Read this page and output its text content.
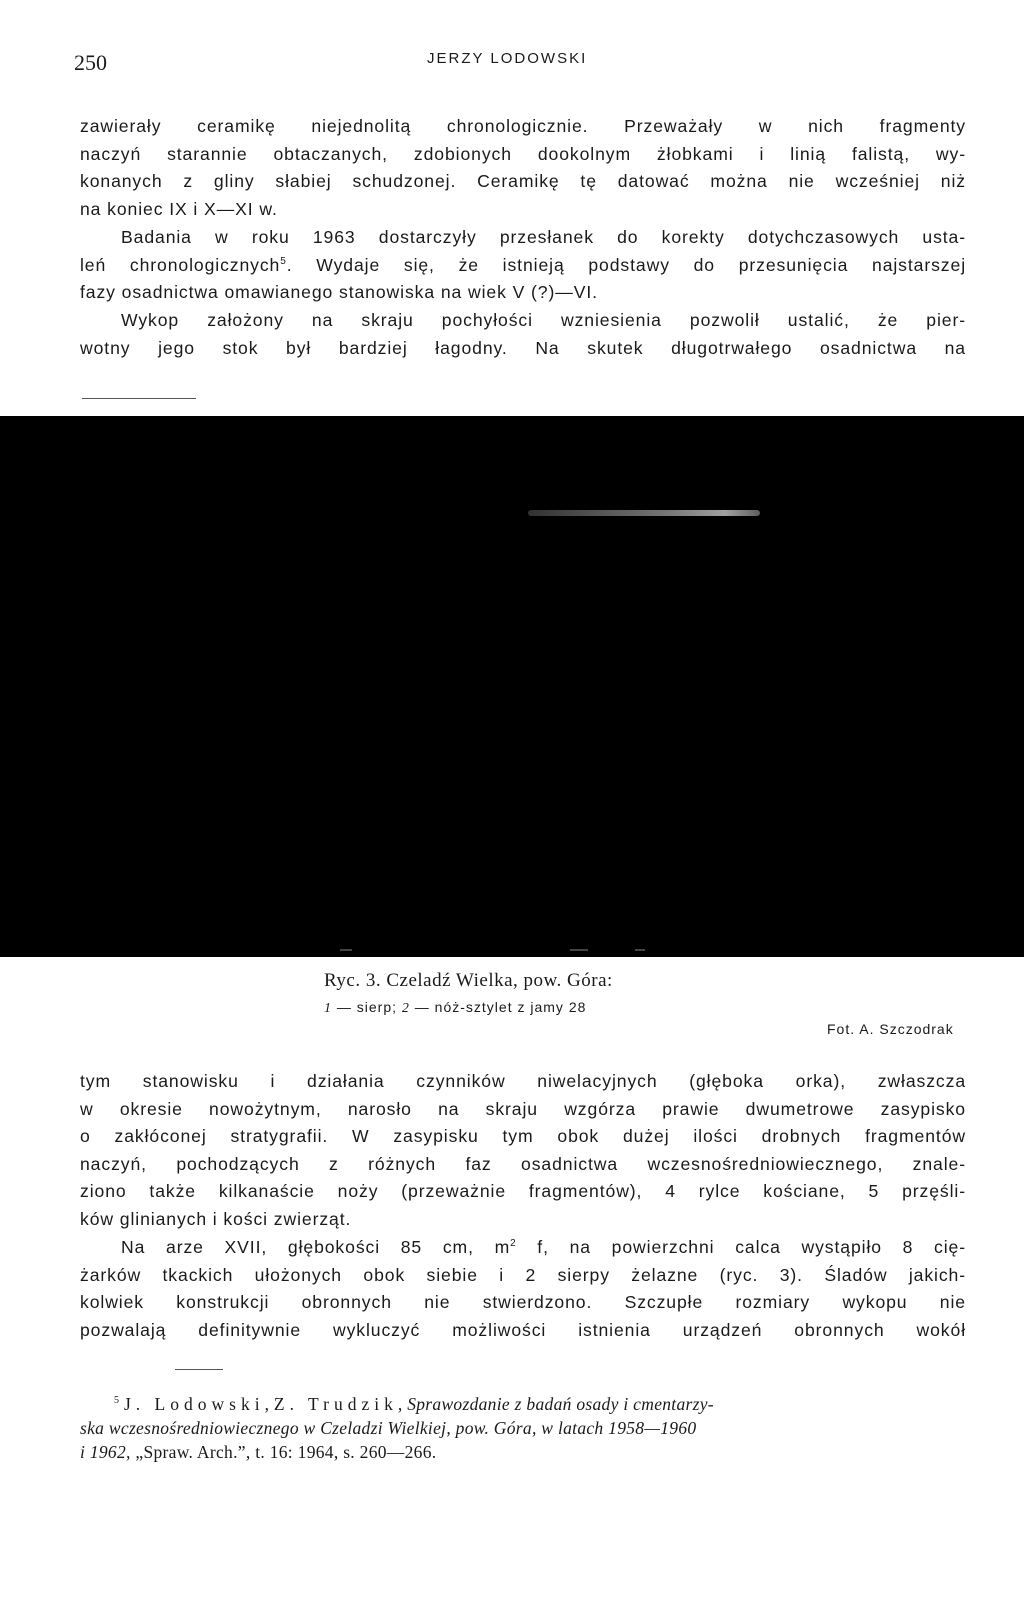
250	JERZY LODOWSKI
zawierały ceramikę niejednolitą chronologicznie. Przeważały w nich fragmenty
naczyń starannie obtaczanych, zdobionych dookolnym żłobkami i linią falistą, wy-
konanych z gliny słabiej schudzonej. Ceramikę tę datować można nie wcześniej niż
na koniec IX i X—XI w.
Badania w roku 1963 dostarczyły przesłanek do korekty dotychczasowych usta-
leń chronologicznych$^5$. Wydaje się, że istnieją podstawy do przesunięcia najstarszej
fazy osadnictwa omawianego stanowiska na wiek V (?)—VI.
Wykop założony na skraju pochyłości wzniesienia pozwolił ustalić, że pier-
wotny jego stok był bardziej łagodny. Na skutek długotrwałego osadnictwa na
Ryc. 3. Czeladź Wielka, pow. Góra:
1 — sierp; 2 — nóż-sztylet z jamy 28
Fot. A. Szczodrak
tym stanowisku i działania czynników niwelacyjnych (głęboka orka), zwłaszcza
w okresie nowożytnym, narosło na skraju wzgórza prawie dwumetrowe zasypisko
o zakłóconej stratygrafii. W zasypisku tym obok dużej ilości drobnych fragmentów
naczyń, pochodzących z różnych faz osadnictwa wczesnośredniowiecznego, znale-
ziono także kilkanaście noży (przeważnie fragmentów), 4 rylce kościane, 5 przęśli-
ków glinianych i kości zwierząt.
Na arze XVII, głębokości 85 cm, $m^2$ f, na powierzchni calca wystąpiło 8 cię-
żarków tkackich ułożonych obok siebie i 2 sierpy żelazne (ryc. 3). Śladów jakich-
kolwiek konstrukcji obronnych nie stwierdzono. Szczupłe rozmiary wykopu nie
pozwalają definitywnie wykluczyć możliwości istnienia urządzeń obronnych wokół
$^5$ J. Lodowski, Z. Trudzik, Sprawozdanie z badań osady i cmentarzy-
ska wczesnośredniowiecznego w Czeladzi Wielkiej, pow. Góra, w latach 1958—1960
i 1962, „Spraw. Arch.”, t. 16: 1964, s. 260—266.
